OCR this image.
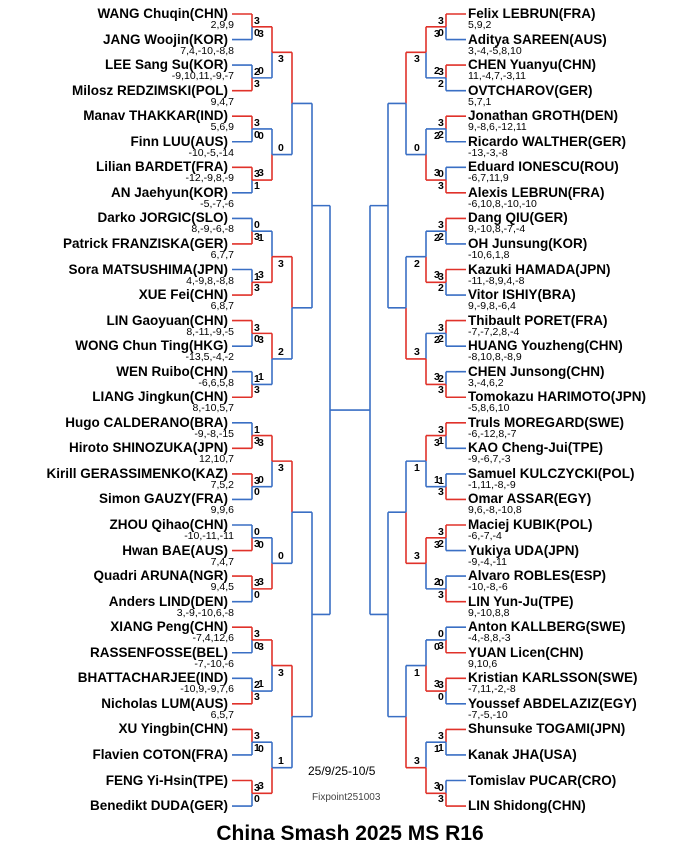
WANG Chuqin(CHN)
JANG Woojin(KOR)
LEE Sang Su(KOR)
Milosz REDZIMSKI(POL)
Manav THAKKAR(IND)
Finn LUU(AUS)
Lilian BARDET(FRA)
AN Jaehyun(KOR)
Darko JORGIC(SLO)
Patrick FRANZISKA(GER)
Sora MATSUSHIMA(JPN)
XUE Fei(CHN)
LIN Gaoyuan(CHN)
WONG Chun Ting(HKG)
WEN Ruibo(CHN)
LIANG Jingkun(CHN)
Hugo CALDERANO(BRA)
Hiroto SHINOZUKA(JPN)
Kirill GERASSIMENKO(KAZ)
Simon GAUZY(FRA)
ZHOU Qihao(CHN)
Hwan BAE(AUS)
Quadri ARUNA(NGR)
Anders LIND(DEN)
XIANG Peng(CHN)
RASSENFOSSE(BEL)
BHATTACHARJEE(IND)
Nicholas LUM(AUS)
XU Yingbin(CHN)
Flavien COTON(FRA)
FENG Yi-Hsin(TPE)
Benedikt DUDA(GER)
2,9,9
7,4,-10,-8,8
-9,10,11,-9,-7
9,4,7
5,6,9
-10,-5,-14
-12,-9,8,-9
-5,-7,-6
8,-9,-6,-8
6,7,7
4,-9,8,-8,8
6,8,7
8,-11,-9,-5
-13,5,-4,-2
-6,6,5,8
8,-10,5,7
-9,-8,-15
12,10,7
7,5,2
9,9,6
-10,-11,-11
7,4,7
9,4,5
3,-9,-10,6,-8
-7,4,12,6
-7,-10,-6
-10,9,-9,7,6
6,5,7
Felix LEBRUN(FRA)
Aditya SAREEN(AUS)
CHEN Yuanyu(CHN)
OVTCHAROV(GER)
Jonathan GROTH(DEN)
Ricardo WALTHER(GER)
Eduard IONESCU(ROU)
Alexis LEBRUN(FRA)
Dang QIU(GER)
OH Junsung(KOR)
Kazuki HAMADA(JPN)
Vitor ISHIY(BRA)
Thibault PORET(FRA)
HUANG Youzheng(CHN)
CHEN Junsong(CHN)
Tomokazu HARIMOTO(JPN)
Truls MOREGARD(SWE)
KAO Cheng-Jui(TPE)
Samuel KULCZYCKI(POL)
Omar ASSAR(EGY)
Maciej KUBIK(POL)
Yukiya UDA(JPN)
Alvaro ROBLES(ESP)
LIN Yun-Ju(TPE)
Anton KALLBERG(SWE)
YUAN Licen(CHN)
Kristian KARLSSON(SWE)
Youssef ABDELAZIZ(EGY)
Shunsuke TOGAMI(JPN)
Kanak JHA(USA)
Tomislav PUCAR(CRO)
LIN Shidong(CHN)
5,9,2
3,-4,-5,8,10
11,-4,7,-3,11
5,7,1
9,-8,6,-12,11
-13,-3,-8
-6,7,11,9
-6,10,8,-10,-10
9,-10,8,-7,-4
-10,6,1,8
-11,-8,9,4,-8
9,-9,8,-6,4
-7,-7,2,8,-4
-8,10,8,-8,9
3,-4,6,2
-5,8,6,10
-6,-12,8,-7
-9,-6,7,-3
-1,11,-8,-9
9,6,-8,-10,8
-6,-7,-4
-9,-4,-11
-10,-8,-6
9,-10,8,8
-4,-8,8,-3
9,10,6
-7,11,-2,-8
-7,-5,-10
3
0
2
3
3
0
3
1
0
3
1
3
3
0
1
3
1
3
3
0
0
3
3
0
3
0
2
3
3
1
3
0
3
0
0
3
1
3
3
1
3
0
0
3
3
1
0
3
3
0
3
2
3
0
3
1
3
0
3
2
3
2
0
3
3
2
3
2
3
2
2
3
3
1
1
3
3
2
0
3
0
3
3
0
3
1
0
3
3
2
2
3
2
3
2
3
3
1
3
2
0
3
1
3
3
0
2
3
1
3
1
3
25/9/25-10/5
Fixpoint251003
China Smash 2025 MS R16
